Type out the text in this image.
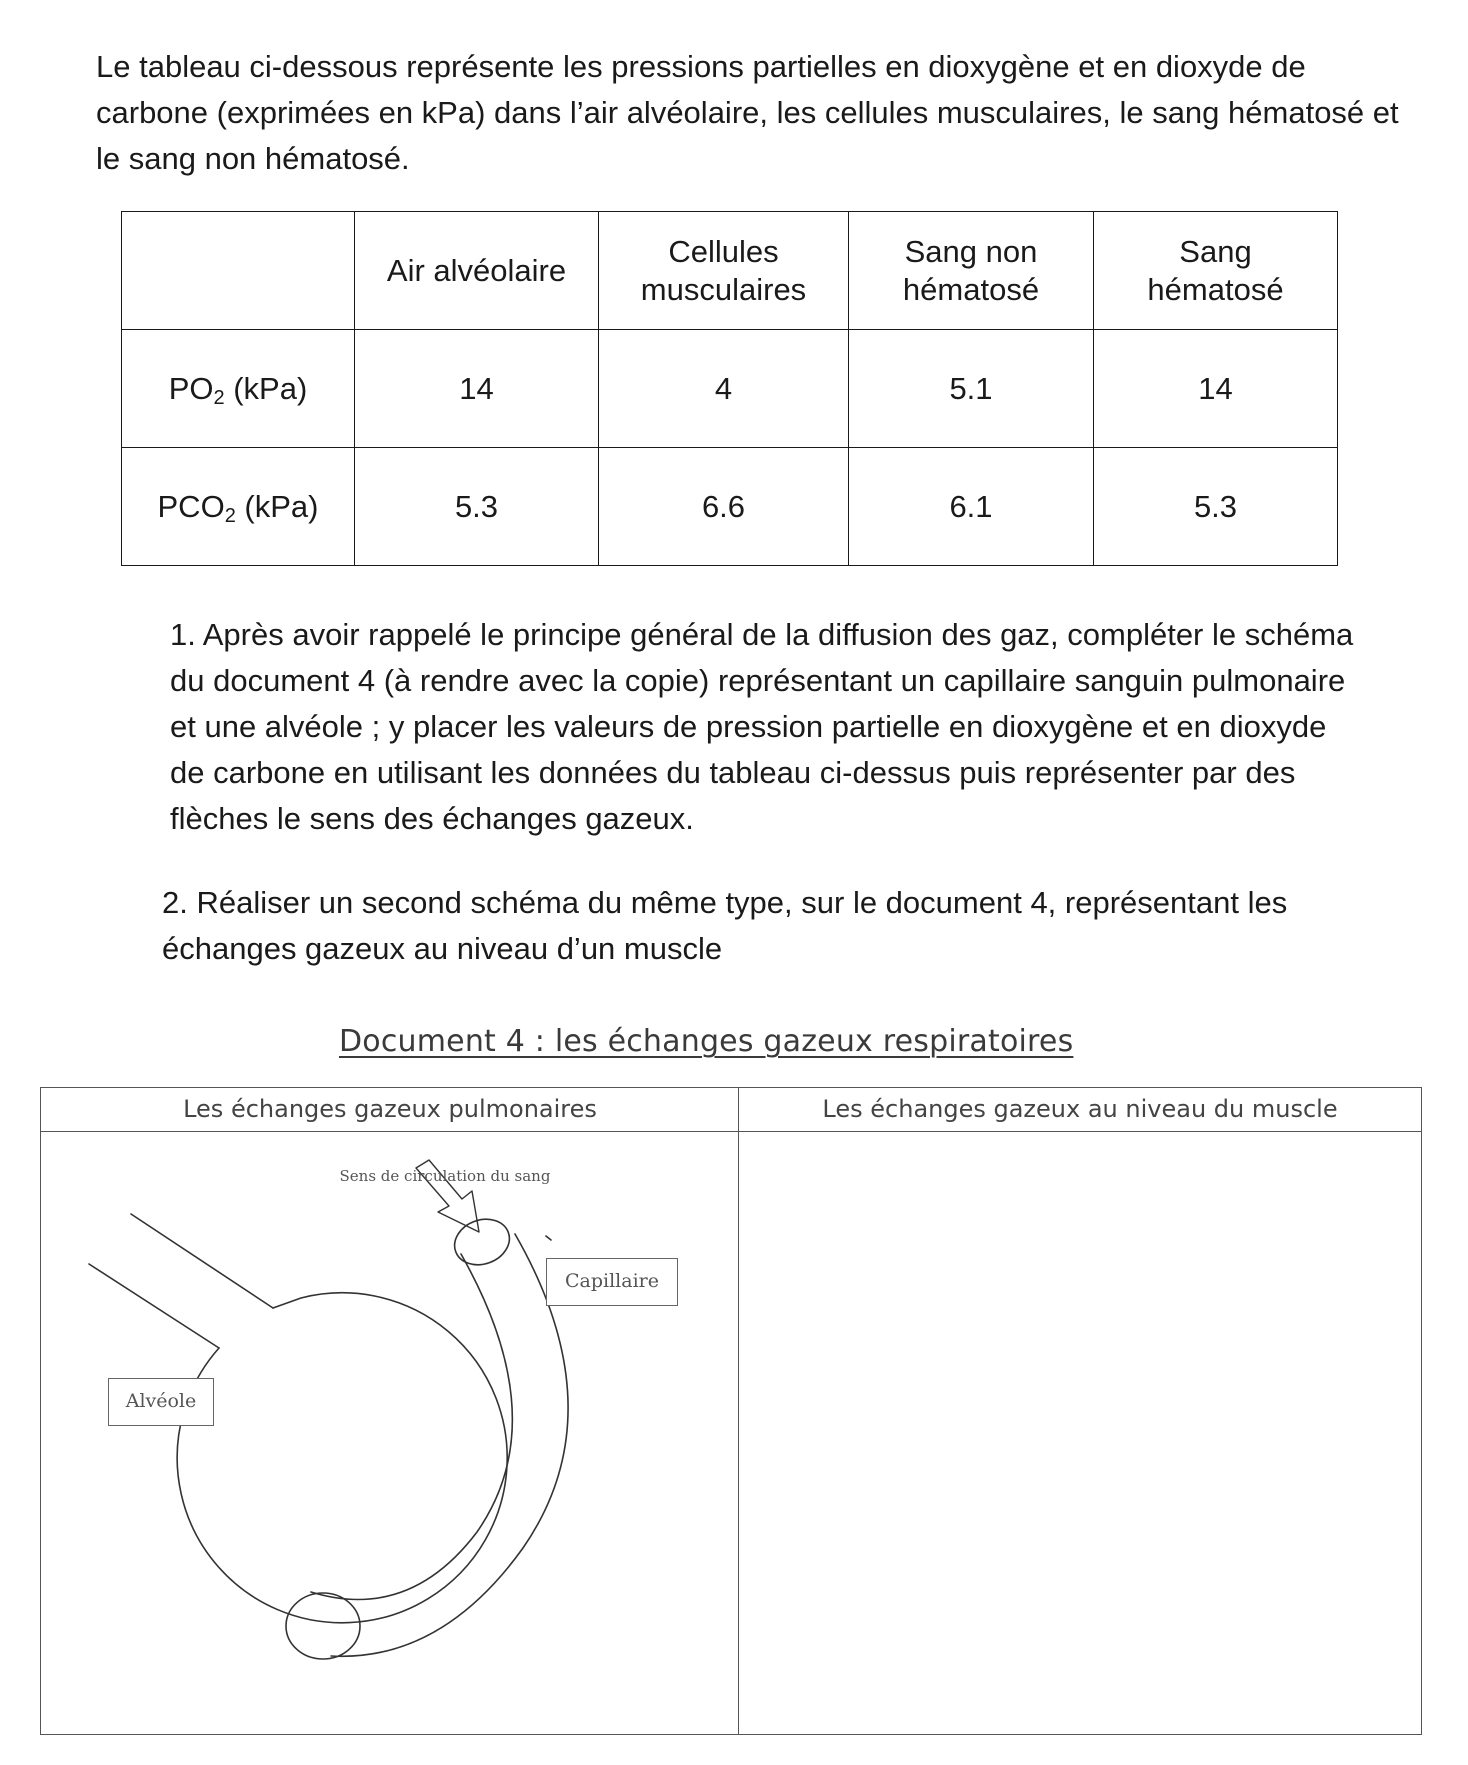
Le tableau ci-dessous représente les pressions partielles en dioxygène et en dioxyde de carbone (exprimées en kPa) dans l’air alvéolaire, les cellules musculaires, le sang hématosé et le sang non hématosé.

	Air alvéolaire	Cellules musculaires	Sang non hématosé	Sang hématosé

$PO_2$ (kPa)	14	4	5.1	14
$PCO_2$ (kPa)	5.3	6.6	6.1	5.3

1. Après avoir rappelé le principe général de la diffusion des gaz, compléter le schéma du document 4 (à rendre avec la copie) représentant un capillaire sanguin pulmonaire et une alvéole ; y placer les valeurs de pression partielle en dioxygène et en dioxyde de carbone en utilisant les données du tableau ci-dessus puis représenter par des flèches le sens des échanges gazeux.

2. Réaliser un second schéma du même type, sur le document 4, représentant les échanges gazeux au niveau d’un muscle

Document 4 : les échanges gazeux respiratoires
Les échanges gazeux pulmonaires	Les échanges gazeux au niveau du muscle
Sens de circulation du sang
Capillaire
Alvéole
